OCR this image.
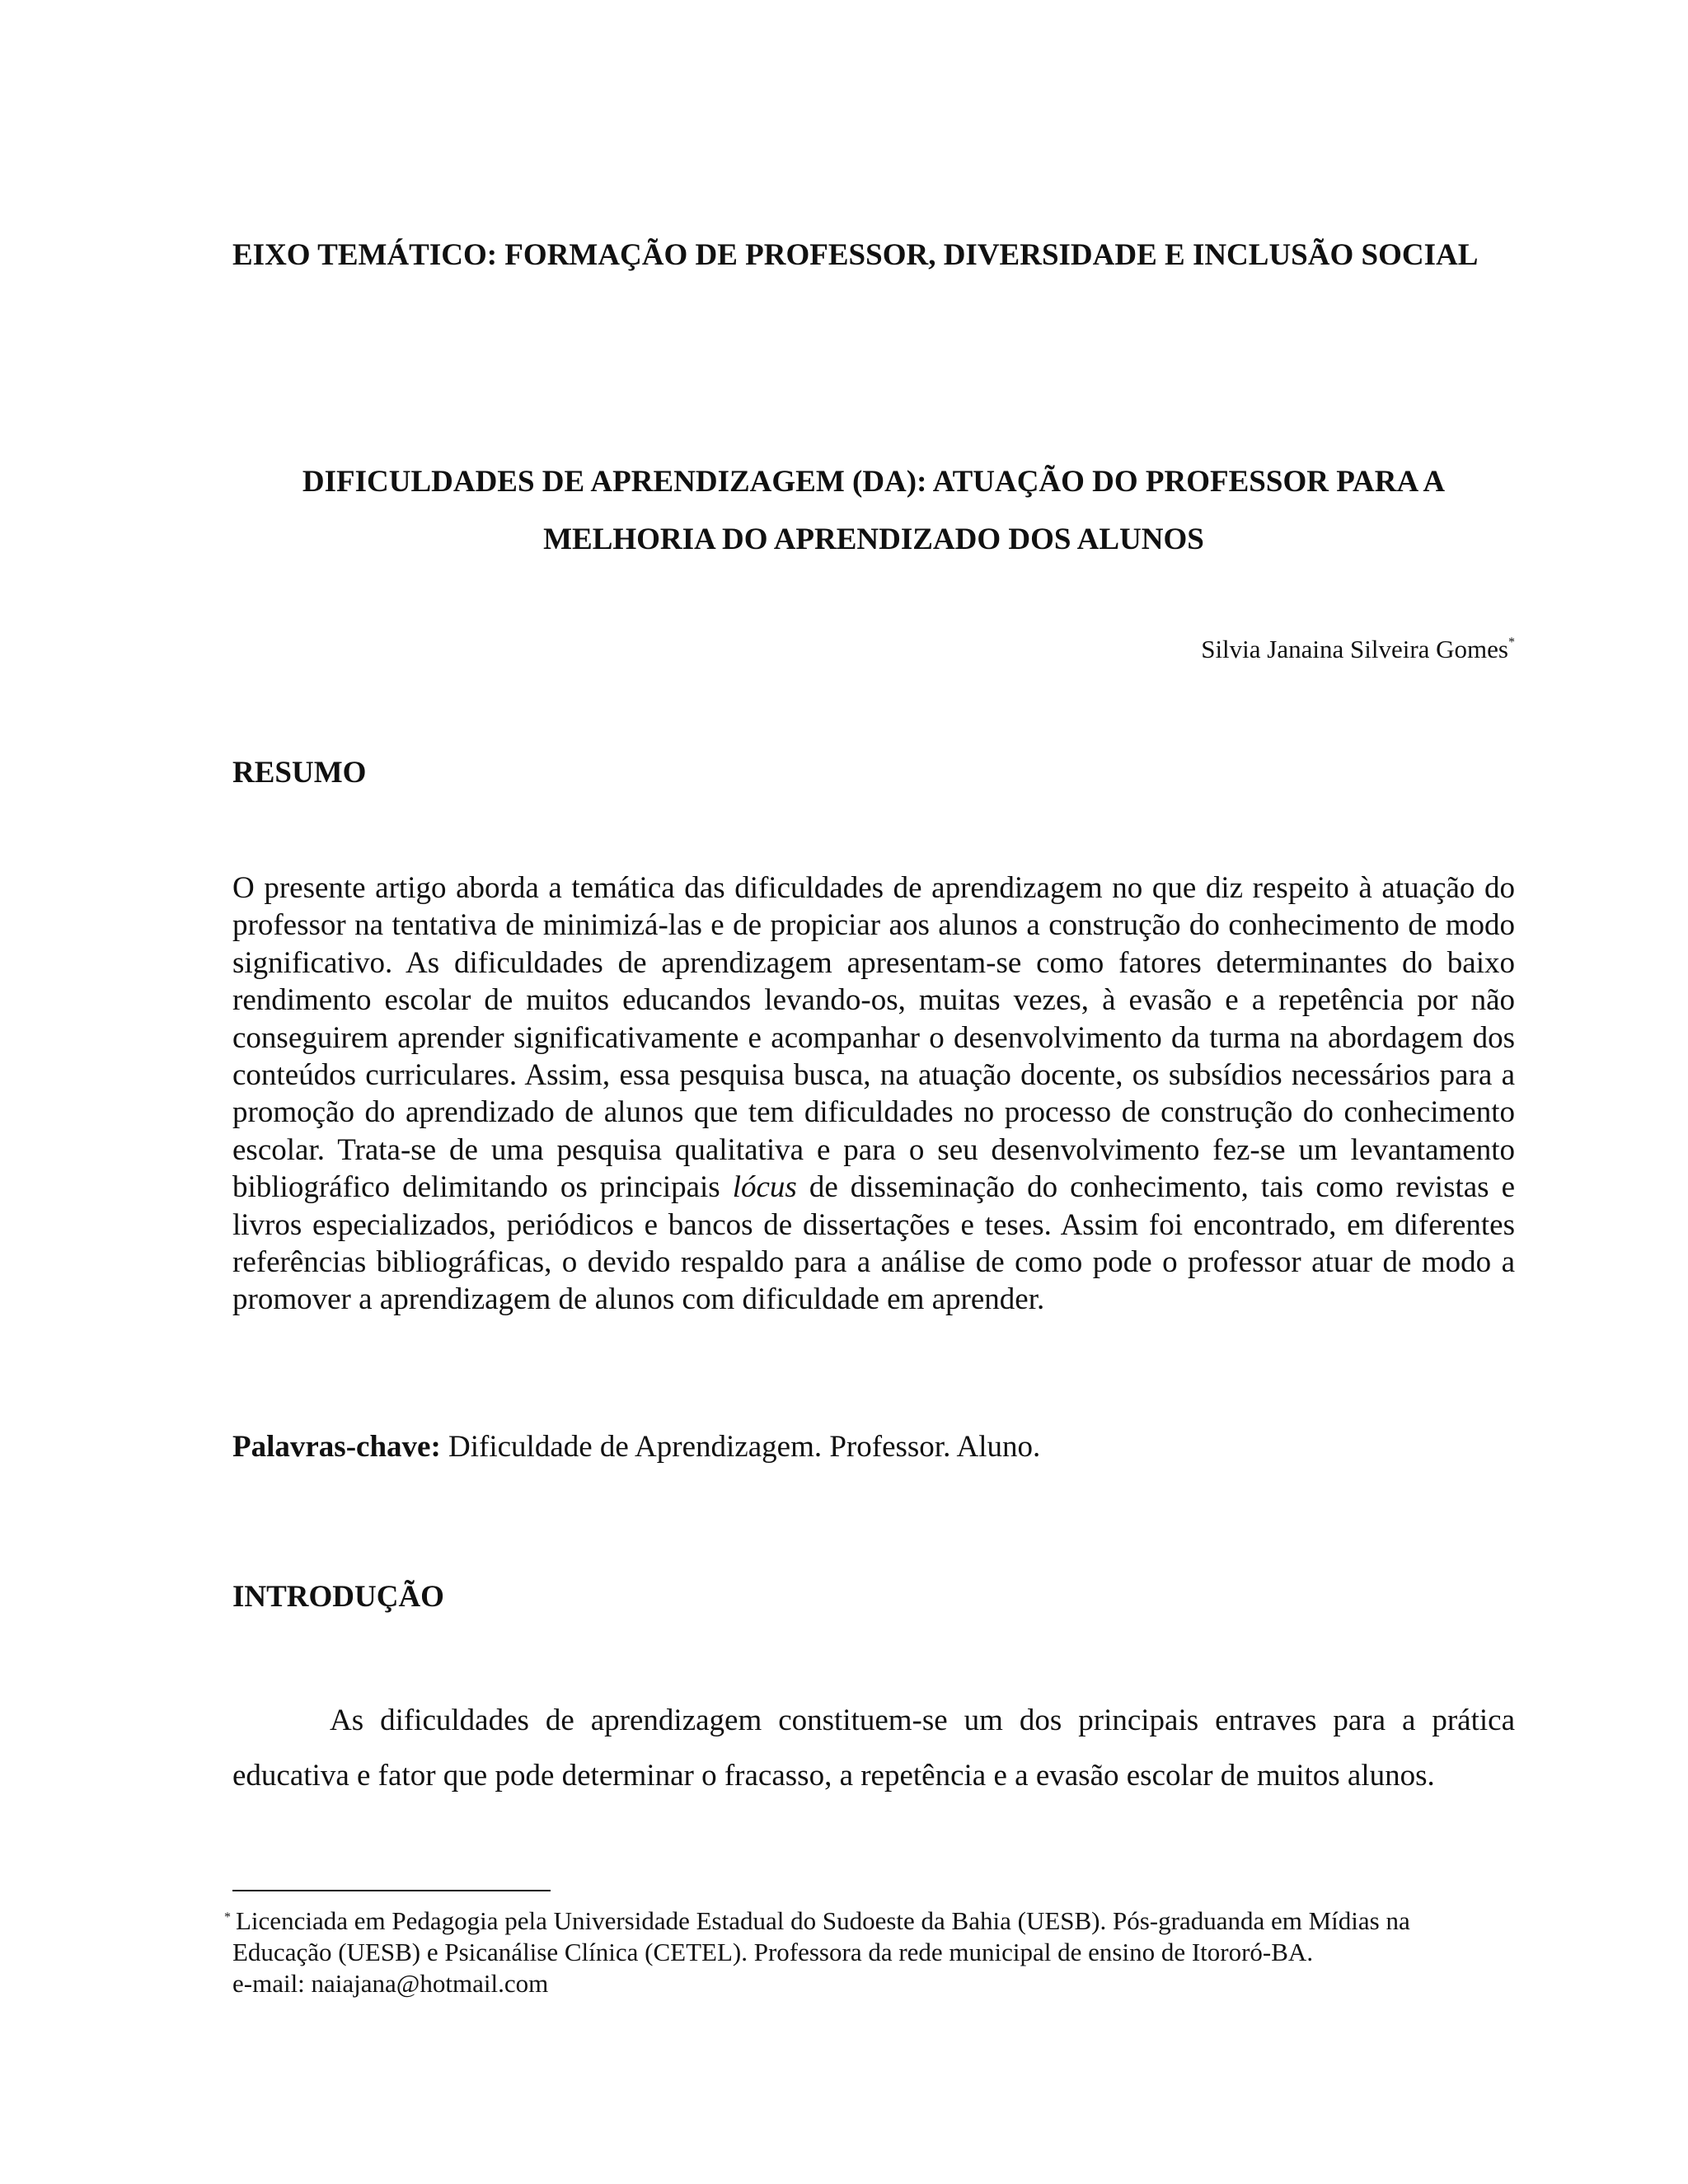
EIXO TEMÁTICO: FORMAÇÃO DE PROFESSOR, DIVERSIDADE E INCLUSÃO SOCIAL

DIFICULDADES DE APRENDIZAGEM (DA): ATUAÇÃO DO PROFESSOR PARA A MELHORIA DO APRENDIZADO DOS ALUNOS

Silvia Janaina Silveira Gomes*

RESUMO

O presente artigo aborda a temática das dificuldades de aprendizagem no que diz respeito à atuação do professor na tentativa de minimizá-las e de propiciar aos alunos a construção do conhecimento de modo significativo. As dificuldades de aprendizagem apresentam-se como fatores determinantes do baixo rendimento escolar de muitos educandos levando-os, muitas vezes, à evasão e a repetência por não conseguirem aprender significativamente e acompanhar o desenvolvimento da turma na abordagem dos conteúdos curriculares. Assim, essa pesquisa busca, na atuação docente, os subsídios necessários para a promoção do aprendizado de alunos que tem dificuldades no processo de construção do conhecimento escolar. Trata-se de uma pesquisa qualitativa e para o seu desenvolvimento fez-se um levantamento bibliográfico delimitando os principais lócus de disseminação do conhecimento, tais como revistas e livros especializados, periódicos e bancos de dissertações e teses. Assim foi encontrado, em diferentes referências bibliográficas, o devido respaldo para a análise de como pode o professor atuar de modo a promover a aprendizagem de alunos com dificuldade em aprender.

Palavras-chave: Dificuldade de Aprendizagem. Professor. Aluno.

INTRODUÇÃO

As dificuldades de aprendizagem constituem-se um dos principais entraves para a prática educativa e fator que pode determinar o fracasso, a repetência e a evasão escolar de muitos alunos.

* Licenciada em Pedagogia pela Universidade Estadual do Sudoeste da Bahia (UESB). Pós-graduanda em Mídias na Educação (UESB) e Psicanálise Clínica (CETEL). Professora da rede municipal de ensino de Itororó-BA.
e-mail: naiajana@hotmail.com
